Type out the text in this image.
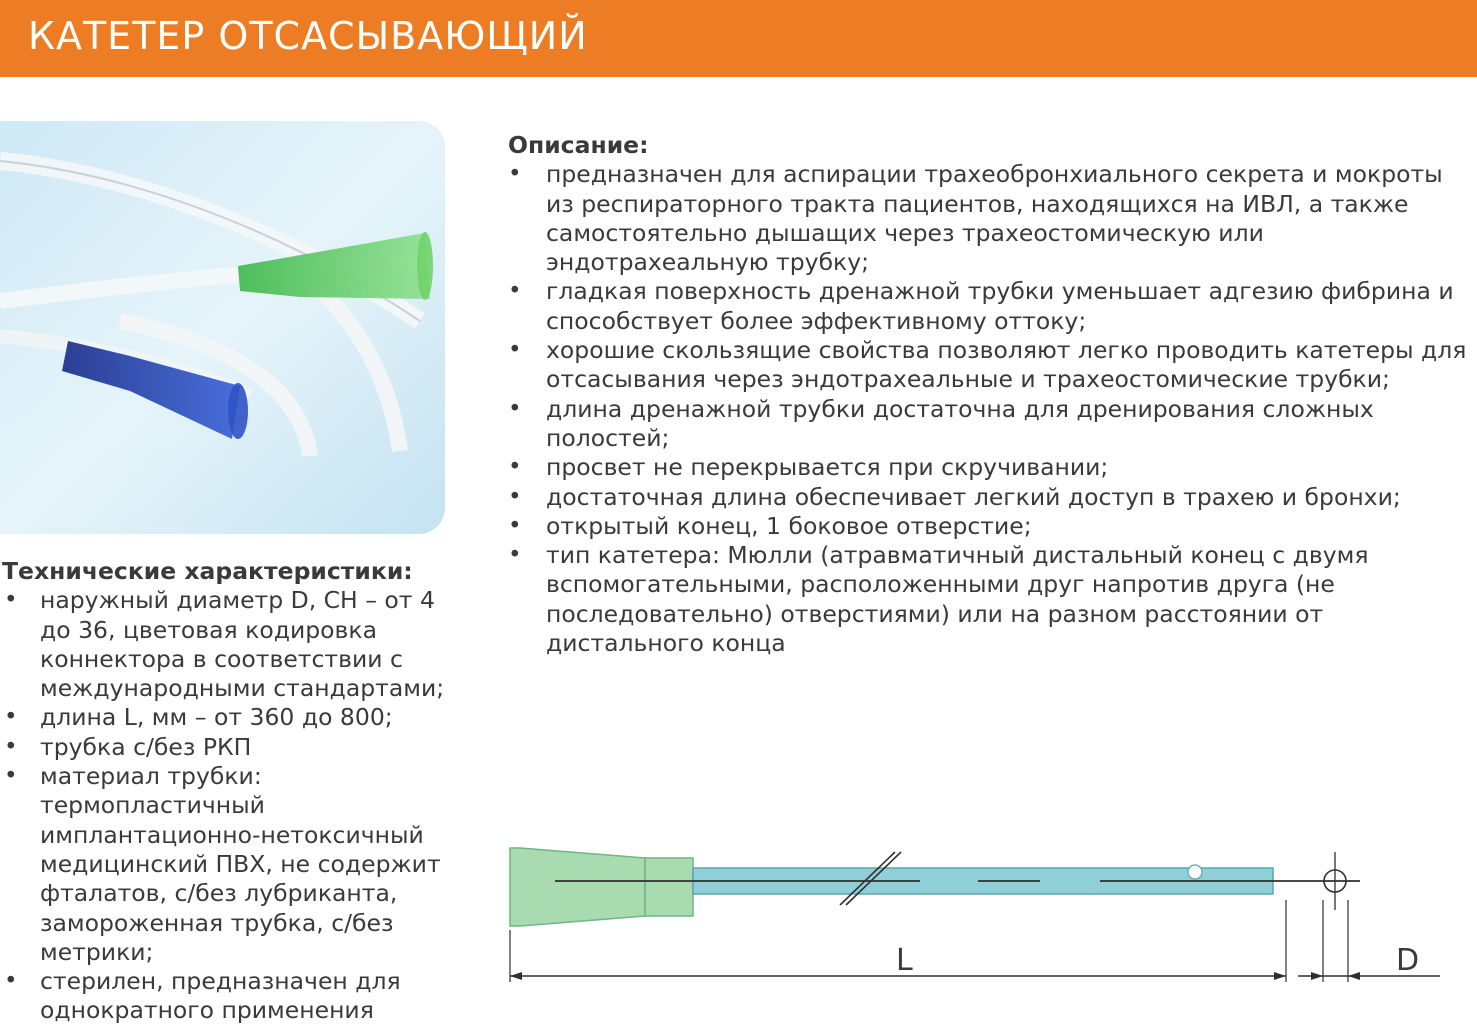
КАТЕТЕР ОТСАСЫВАЮЩИЙ
Описание:
• предназначен для аспирации трахеобронхиального секрета и мокроты из респираторного тракта пациентов, находящихся на ИВЛ, а также самостоятельно дышащих через трахеостомическую или эндотрахеальную трубку;
• гладкая поверхность дренажной трубки уменьшает адгезию фибрина и способствует более эффективному оттоку;
• хорошие скользящие свойства позволяют легко проводить катетеры для отсасывания через эндотрахеальные и трахеостомические трубки;
• длина дренажной трубки достаточна для дренирования сложных полостей;
• просвет не перекрывается при скручивании;
• достаточная длина обеспечивает легкий доступ в трахею и бронхи;
• открытый конец, 1 боковое отверстие;
• тип катетера: Мюлли (атравматичный дистальный конец с двумя вспомогательными, расположенными друг напротив друга (не последовательно) отверстиями) или на разном расстоянии от дистального конца
Технические характеристики:
• наружный диаметр D, CH – от 4 до 36, цветовая кодировка коннектора в соответствии с международными стандартами;
• длина L, мм – от 360 до 800;
• трубка с/без РКП
• материал трубки: термопластичный имплантационно-нетоксичный медицинский ПВХ, не содержит фталатов, с/без лубриканта, замороженная трубка, с/без метрики;
• стерилен, предназначен для однократного применения
L	D
